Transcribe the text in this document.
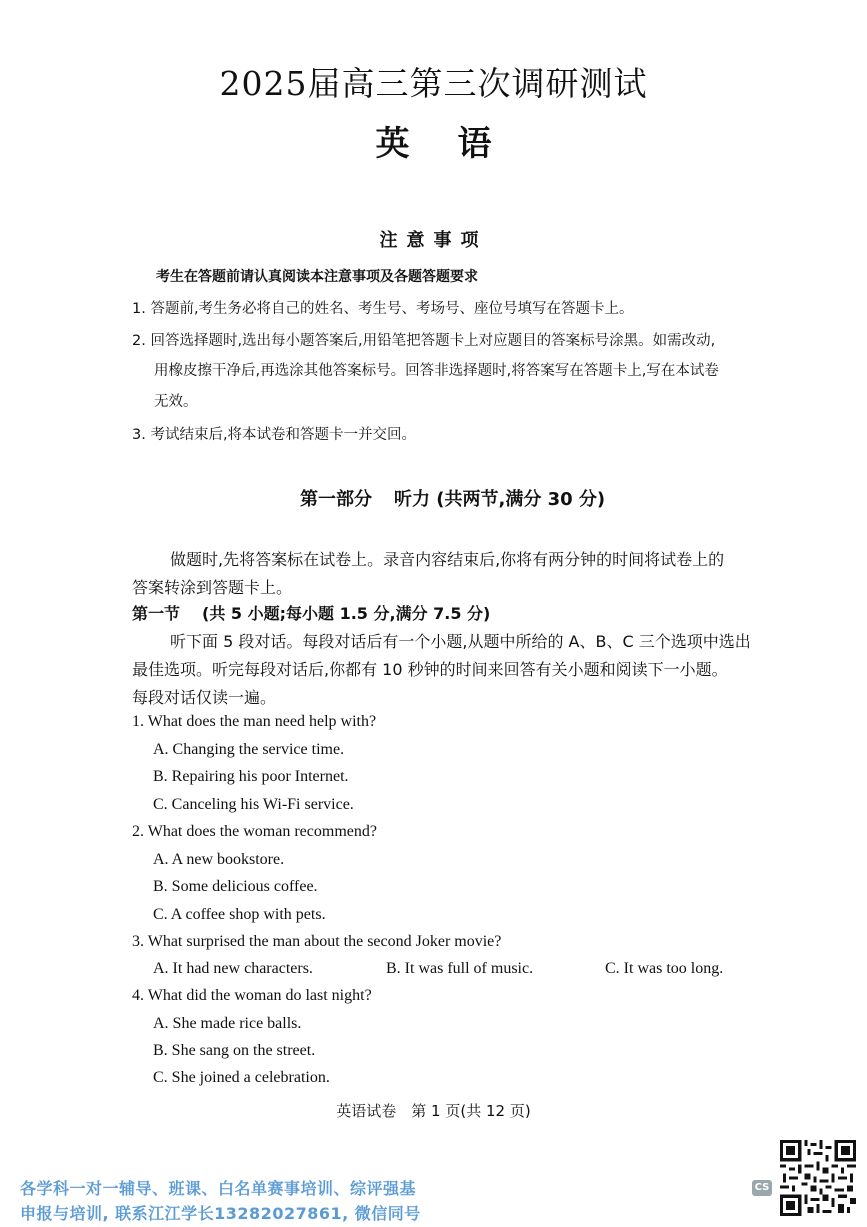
2025届高三第三次调研测试
英语
注意事项
考生在答题前请认真阅读本注意事项及各题答题要求
1. 答题前,考生务必将自己的姓名、考生号、考场号、座位号填写在答题卡上。
2. 回答选择题时,选出每小题答案后,用铅笔把答题卡上对应题目的答案标号涂黑。如需改动,
用橡皮擦干净后,再选涂其他答案标号。回答非选择题时,将答案写在答题卡上,写在本试卷
无效。
3. 考试结束后,将本试卷和答题卡一并交回。
第一部分 听力 (共两节,满分 30 分)
做题时,先将答案标在试卷上。录音内容结束后,你将有两分钟的时间将试卷上的
答案转涂到答题卡上。
第一节 (共 5 小题;每小题 1.5 分,满分 7.5 分)
听下面 5 段对话。每段对话后有一个小题,从题中所给的 A、B、C 三个选项中选出
最佳选项。听完每段对话后,你都有 10 秒钟的时间来回答有关小题和阅读下一小题。
每段对话仅读一遍。
1. What does the man need help with?
A. Changing the service time.
B. Repairing his poor Internet.
C. Canceling his Wi-Fi service.
2. What does the woman recommend?
A. A new bookstore.
B. Some delicious coffee.
C. A coffee shop with pets.
3. What surprised the man about the second Joker movie?
A. It had new characters.	B. It was full of music.	C. It was too long.
4. What did the woman do last night?
A. She made rice balls.
B. She sang on the street.
C. She joined a celebration.
英语试卷　第 1 页(共 12 页)
各学科一对一辅导、班课、白名单赛事培训、综评强基
申报与培训, 联系江江学长13282027861, 微信同号
CS
